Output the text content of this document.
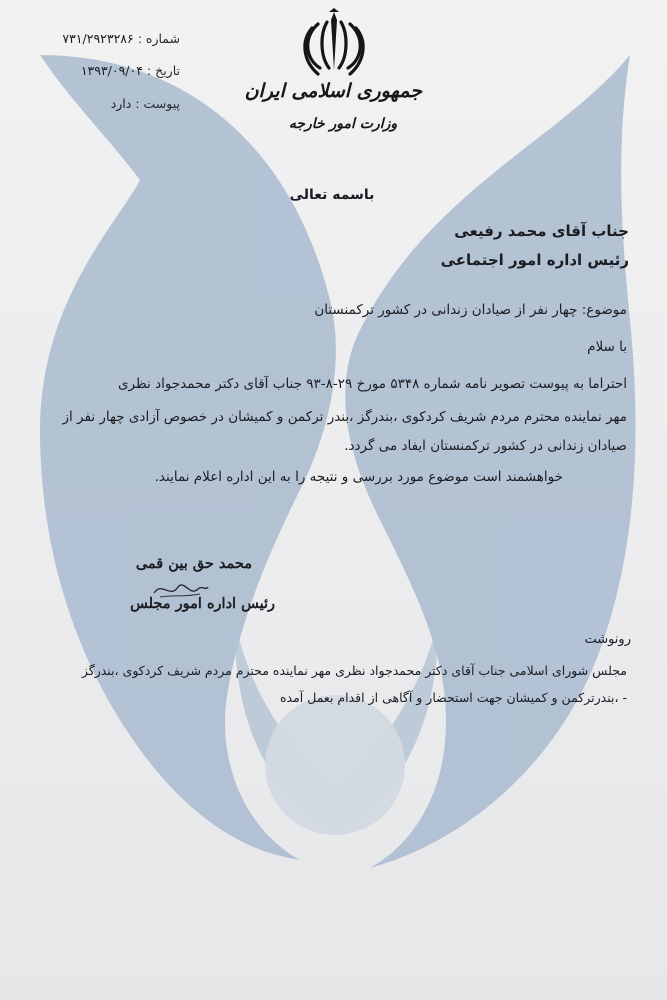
جمهوری اسلامی ایران
وزارت امور خارجه
شماره : ۷۳۱/۲۹۲۳۲۸۶
تاریخ : ۱۳۹۳/۰۹/۰۴
پیوست : دارد
باسمه تعالی
جناب آقای محمد رفیعی
رئیس اداره امور اجتماعی
موضوع: چهار نفر از صیادان زندانی در کشور ترکمنستان
با سلام
احتراما به پیوست تصویر نامه شماره ۵۳۴۸ مورخ ۲۹-۸-۹۳ جناب آقای دکتر محمدجواد نظری
مهر نماینده محترم مردم شریف کردکوی ،بندرگز ،بندر ترکمن و کمیشان در خصوص آزادی چهار نفر از
صیادان زندانی در کشور ترکمنستان ایفاد می گردد.
خواهشمند است موضوع مورد بررسی و نتیجه را به این اداره اعلام نمایند.
محمد حق بین قمی
رئیس اداره امور مجلس
رونوشت
مجلس شورای اسلامی جناب آقای دکتر محمدجواد نظری مهر نماینده محترم مردم شریف کردکوی ،بندرگز
- ،بندرترکمن و کمیشان جهت استحضار و آگاهی از اقدام بعمل آمده
